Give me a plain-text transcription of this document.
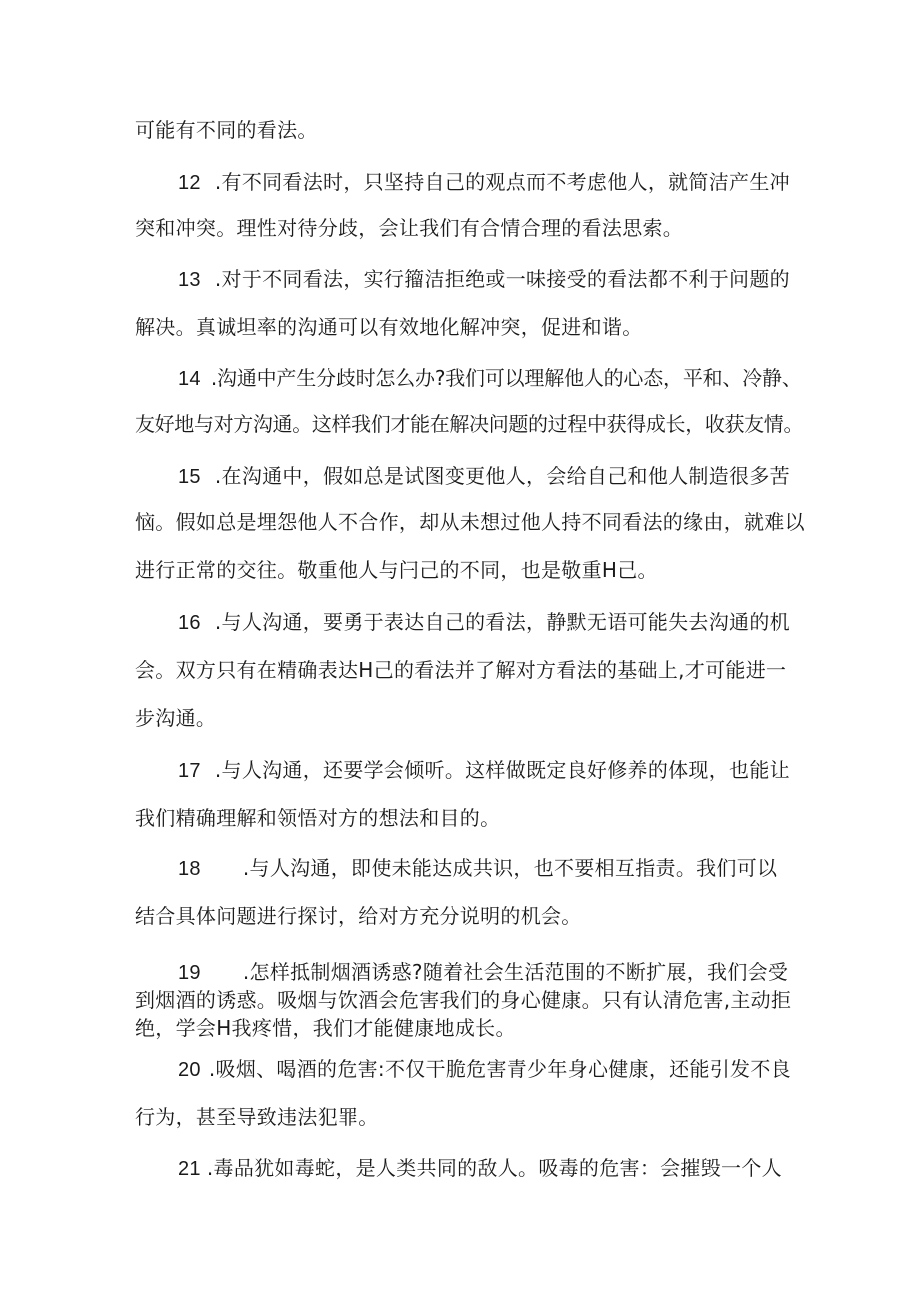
可能有不同的看法。
12 .有不同看法时，只坚持自己的观点而不考虑他人，就简洁产生冲
突和冲突。理性对待分歧，会让我们有合情合理的看法思索。
13 .对于不同看法，实行籀洁拒绝或一味接受的看法都不利于问题的
解决。真诚坦率的沟通可以有效地化解冲突，促进和谐。
14 .沟通中产生分歧时怎么办?我们可以理解他人的心态，平和、冷静、
友好地与对方沟通。这样我们才能在解决问题的过程中获得成长，收获友情。
15 .在沟通中，假如总是试图变更他人，会给自己和他人制造很多苦
恼。假如总是埋怨他人不合作，却从未想过他人持不同看法的缘由，就难以
进行正常的交往。敬重他人与闩己的不同，也是敬重H己。
16 .与人沟通，要勇于表达自己的看法，静默无语可能失去沟通的机
会。双方只有在精确表达H己的看法并了解对方看法的基础上,才可能进一
步沟通。
17 .与人沟通，还要学会倾听。这样做既定良好修养的体现，也能让
我们精确理解和领悟对方的想法和目的。
18 .与人沟通，即使未能达成共识，也不要相互指责。我们可以
结合具体问题进行探讨，给对方充分说明的机会。
19 .怎样抵制烟酒诱惑?随着社会生活范围的不断扩展，我们会受
到烟酒的诱惑。吸烟与饮酒会危害我们的身心健康。只有认清危害,主动拒
绝，学会H我疼惜，我们才能健康地成长。
20 .吸烟、喝酒的危害:不仅干脆危害青少年身心健康，还能引发不良
行为，甚至导致违法犯罪。
21 .毒品犹如毒蛇，是人类共同的敌人。吸毒的危害：会摧毁一个人
